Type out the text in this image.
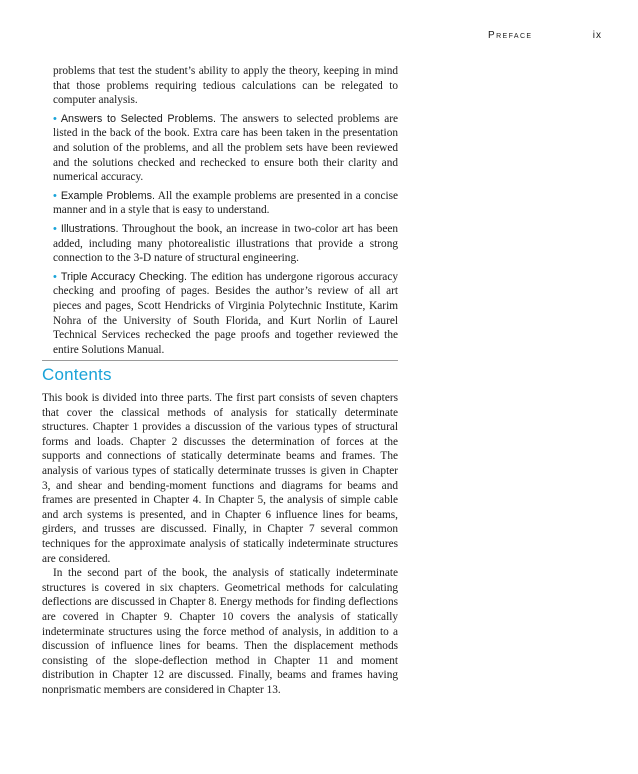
Preface	ix

problems that test the student’s ability to apply the theory, keeping in mind that those problems requiring tedious calculations can be relegated to computer analysis.

• Answers to Selected Problems. The answers to selected problems are listed in the back of the book. Extra care has been taken in the presentation and solution of the problems, and all the problem sets have been reviewed and the solutions checked and rechecked to ensure both their clarity and numerical accuracy.

• Example Problems. All the example problems are presented in a concise manner and in a style that is easy to understand.

• Illustrations. Throughout the book, an increase in two-color art has been added, including many photorealistic illustrations that provide a strong connection to the 3-D nature of structural engineering.

• Triple Accuracy Checking. The edition has undergone rigorous accuracy checking and proofing of pages. Besides the author’s review of all art pieces and pages, Scott Hendricks of Virginia Polytechnic Institute, Karim Nohra of the University of South Florida, and Kurt Norlin of Laurel Technical Services rechecked the page proofs and together reviewed the entire Solutions Manual.

Contents

This book is divided into three parts. The first part consists of seven chapters that cover the classical methods of analysis for statically determinate structures. Chapter 1 provides a discussion of the various types of structural forms and loads. Chapter 2 discusses the determination of forces at the supports and connections of statically determinate beams and frames. The analysis of various types of statically determinate trusses is given in Chapter 3, and shear and bending-moment functions and diagrams for beams and frames are presented in Chapter 4. In Chapter 5, the analysis of simple cable and arch systems is presented, and in Chapter 6 influence lines for beams, girders, and trusses are discussed. Finally, in Chapter 7 several common techniques for the approximate analysis of statically indeterminate structures are considered.

In the second part of the book, the analysis of statically indeterminate structures is covered in six chapters. Geometrical methods for calculating deflections are discussed in Chapter 8. Energy methods for finding deflections are covered in Chapter 9. Chapter 10 covers the analysis of statically indeterminate structures using the force method of analysis, in addition to a discussion of influence lines for beams. Then the displacement methods consisting of the slope-deflection method in Chapter 11 and moment distribution in Chapter 12 are discussed. Finally, beams and frames having nonprismatic members are considered in Chapter 13.
